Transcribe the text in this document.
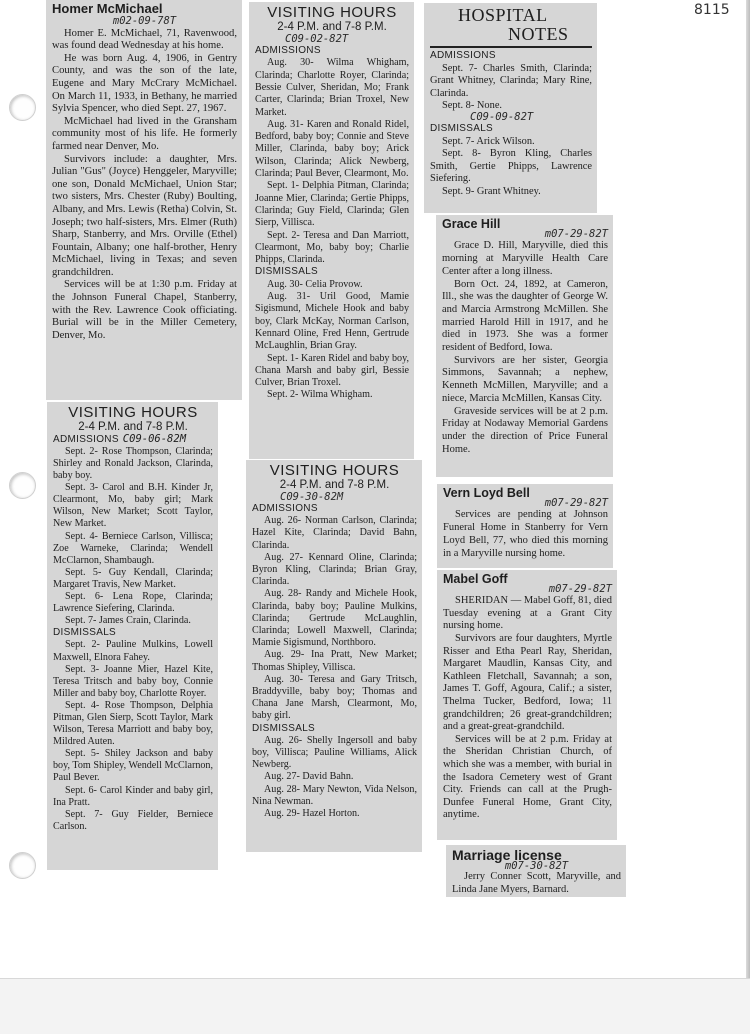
8115
Homer McMichael
m02-09-78T

Homer E. McMichael, 71, Ravenwood, was found dead Wednesday at his home.

He was born Aug. 4, 1906, in Gentry County, and was the son of the late, Eugene and Mary McCrary McMichael. On March 11, 1933, in Bethany, he married Sylvia Spencer, who died Sept. 27, 1967.

McMichael had lived in the Gransham community most of his life. He formerly farmed near Denver, Mo.

Survivors include: a daughter, Mrs. Julian "Gus" (Joyce) Henggeler, Maryville; one son, Donald McMichael, Union Star; two sisters, Mrs. Chester (Ruby) Boulting, Albany, and Mrs. Lewis (Retha) Colvin, St. Joseph; two half-sisters, Mrs. Elmer (Ruth) Sharp, Stanberry, and Mrs. Orville (Ethel) Fountain, Albany; one half-brother, Henry McMichael, living in Texas; and seven grandchildren.

Services will be at 1:30 p.m. Friday at the Johnson Funeral Chapel, Stanberry, with the Rev. Lawrence Cook officiating. Burial will be in the Miller Cemetery, Denver, Mo.

VISITING HOURS
2-4 P.M. and 7-8 P.M.
C09-02-82T
ADMISSIONS

Aug. 30- Wilma Whigham, Clarinda; Charlotte Royer, Clarinda; Bessie Culver, Sheridan, Mo; Frank Carter, Clarinda; Brian Troxel, New Market.

Aug. 31- Karen and Ronald Ridel, Bedford, baby boy; Connie and Steve Miller, Clarinda, baby boy; Arick Wilson, Clarinda; Alick Newberg, Clarinda; Paul Bever, Clearmont, Mo.

Sept. 1- Delphia Pitman, Clarinda; Joanne Mier, Clarinda; Gertie Phipps, Clarinda; Guy Field, Clarinda; Glen Sierp, Villisca.

Sept. 2- Teresa and Dan Marriott, Clearmont, Mo, baby boy; Charlie Phipps, Clarinda.

DISMISSALS

Aug. 30- Celia Provow.

Aug. 31- Uril Good, Mamie Sigismund, Michele Hook and baby boy, Clark McKay, Norman Carlson, Kennard Oline, Fred Henn, Gertrude McLaughlin, Brian Gray.

Sept. 1- Karen Ridel and baby boy, Chana Marsh and baby girl, Bessie Culver, Brian Troxel.

Sept. 2- Wilma Whigham.

HOSPITAL
NOTES
ADMISSIONS

Sept. 7- Charles Smith, Clarinda; Grant Whitney, Clarinda; Mary Rine, Clarinda.

Sept. 8- None.

C09-09-82T
DISMISSALS

Sept. 7- Arick Wilson.

Sept. 8- Byron Kling, Charles Smith, Gertie Phipps, Lawrence Siefering.

Sept. 9- Grant Whitney.

VISITING HOURS
2-4 P.M. and 7-8 P.M.
ADMISSIONS C09-06-82M

Sept. 2- Rose Thompson, Clarinda; Shirley and Ronald Jackson, Clarinda, baby boy.

Sept. 3- Carol and B.H. Kinder Jr, Clearmont, Mo, baby girl; Mark Wilson, New Market; Scott Taylor, New Market.

Sept. 4- Berniece Carlson, Villisca; Zoe Warneke, Clarinda; Wendell McClarnon, Shambaugh.

Sept. 5- Guy Kendall, Clarinda; Margaret Travis, New Market.

Sept. 6- Lena Rope, Clarinda; Lawrence Siefering, Clarinda.

Sept. 7- James Crain, Clarinda.

DISMISSALS

Sept. 2- Pauline Mulkins, Lowell Maxwell, Elnora Fahey.

Sept. 3- Joanne Mier, Hazel Kite, Teresa Tritsch and baby boy, Connie Miller and baby boy, Charlotte Royer.

Sept. 4- Rose Thompson, Delphia Pitman, Glen Sierp, Scott Taylor, Mark Wilson, Teresa Marriott and baby boy, Mildred Auten.

Sept. 5- Shiley Jackson and baby boy, Tom Shipley, Wendell McClarnon, Paul Bever.

Sept. 6- Carol Kinder and baby girl, Ina Pratt.

Sept. 7- Guy Fielder, Berniece Carlson.

VISITING HOURS
2-4 P.M. and 7-8 P.M.
C09-30-82M
ADMISSIONS

Aug. 26- Norman Carlson, Clarinda; Hazel Kite, Clarinda; David Bahn, Clarinda.

Aug. 27- Kennard Oline, Clarinda; Byron Kling, Clarinda; Brian Gray, Clarinda.

Aug. 28- Randy and Michele Hook, Clarinda, baby boy; Pauline Mulkins, Clarinda; Gertrude McLaughlin, Clarinda; Lowell Maxwell, Clarinda; Mamie Sigismund, Northboro.

Aug. 29- Ina Pratt, New Market; Thomas Shipley, Villisca.

Aug. 30- Teresa and Gary Tritsch, Braddyville, baby boy; Thomas and Chana Jane Marsh, Clearmont, Mo, baby girl.

DISMISSALS

Aug. 26- Shelly Ingersoll and baby boy, Villisca; Pauline Williams, Alick Newberg.

Aug. 27- David Bahn.

Aug. 28- Mary Newton, Vida Nelson, Nina Newman.

Aug. 29- Hazel Horton.

Grace Hill
m07-29-82T

Grace D. Hill, Maryville, died this morning at Maryville Health Care Center after a long illness.

Born Oct. 24, 1892, at Cameron, Ill., she was the daughter of George W. and Marcia Armstrong McMillen. She married Harold Hill in 1917, and he died in 1973. She was a former resident of Bedford, Iowa.

Survivors are her sister, Georgia Simmons, Savannah; a nephew, Kenneth McMillen, Maryville; and a niece, Marcia McMillen, Kansas City.

Graveside services will be at 2 p.m. Friday at Nodaway Memorial Gardens under the direction of Price Funeral Home.

Vern Loyd Bell
m07-29-82T

Services are pending at Johnson Funeral Home in Stanberry for Vern Loyd Bell, 77, who died this morning in a Maryville nursing home.

Mabel Goff
m07-29-82T

SHERIDAN — Mabel Goff, 81, died Tuesday evening at a Grant City nursing home.

Survivors are four daughters, Myrtle Risser and Etha Pearl Ray, Sheridan, Margaret Maudlin, Kansas City, and Kathleen Fletchall, Savannah; a son, James T. Goff, Agoura, Calif.; a sister, Thelma Tucker, Bedford, Iowa; 11 grandchildren; 26 great-grandchildren; and a great-great-grandchild.

Services will be at 2 p.m. Friday at the Sheridan Christian Church, of which she was a member, with burial in the Isadora Cemetery west of Grant City. Friends can call at the Prugh-Dunfee Funeral Home, Grant City, anytime.

Marriage license
m07-30-82T

Jerry Conner Scott, Maryville, and Linda Jane Myers, Barnard.
